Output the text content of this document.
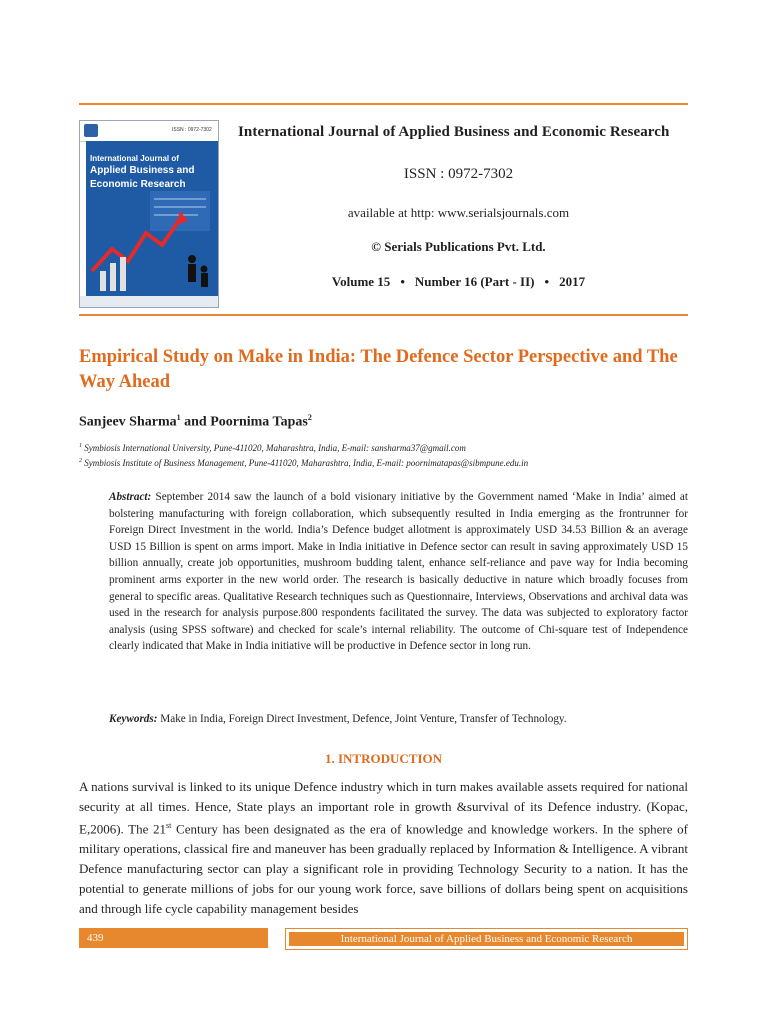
ISSN : 0972-7302
International Journal of
Applied Business and
Economic Research
International Journal of Applied Business and Economic Research
ISSN : 0972-7302
available at http: www.serialsjournals.com
© Serials Publications Pvt. Ltd.
Volume 15 • Number 16 (Part - II) • 2017
Empirical Study on Make in India: The Defence Sector Perspective and The Way Ahead
Sanjeev Sharma$^1$ and Poornima Tapas$^2$
$^1$ Symbiosis International University, Pune-411020, Maharashtra, India, E-mail: sansharma37@gmail.com
$^2$ Symbiosis Institute of Business Management, Pune-411020, Maharashtra, India, E-mail: poornimatapas@sibmpune.edu.in
Abstract: September 2014 saw the launch of a bold visionary initiative by the Government named ‘Make in India’ aimed at bolstering manufacturing with foreign collaboration, which subsequently resulted in India emerging as the frontrunner for Foreign Direct Investment in the world. India’s Defence budget allotment is approximately USD 34.53 Billion & an average USD 15 Billion is spent on arms import. Make in India initiative in Defence sector can result in saving approximately USD 15 billion annually, create job opportunities, mushroom budding talent, enhance self-reliance and pave way for India becoming prominent arms exporter in the new world order. The research is basically deductive in nature which broadly focuses from general to specific areas. Qualitative Research techniques such as Questionnaire, Interviews, Observations and archival data was used in the research for analysis purpose.800 respondents facilitated the survey. The data was subjected to exploratory factor analysis (using SPSS software) and checked for scale’s internal reliability. The outcome of Chi-square test of Independence clearly indicated that Make in India initiative will be productive in Defence sector in long run.
Keywords: Make in India, Foreign Direct Investment, Defence, Joint Venture, Transfer of Technology.
1. INTRODUCTION
A nations survival is linked to its unique Defence industry which in turn makes available assets required for national security at all times. Hence, State plays an important role in growth &survival of its Defence industry. (Kopac, E,2006). The 21st Century has been designated as the era of knowledge and knowledge workers. In the sphere of military operations, classical fire and maneuver has been gradually replaced by Information & Intelligence. A vibrant Defence manufacturing sector can play a significant role in providing Technology Security to a nation. It has the potential to generate millions of jobs for our young work force, save billions of dollars being spent on acquisitions and through life cycle capability management besides
439	International Journal of Applied Business and Economic Research
